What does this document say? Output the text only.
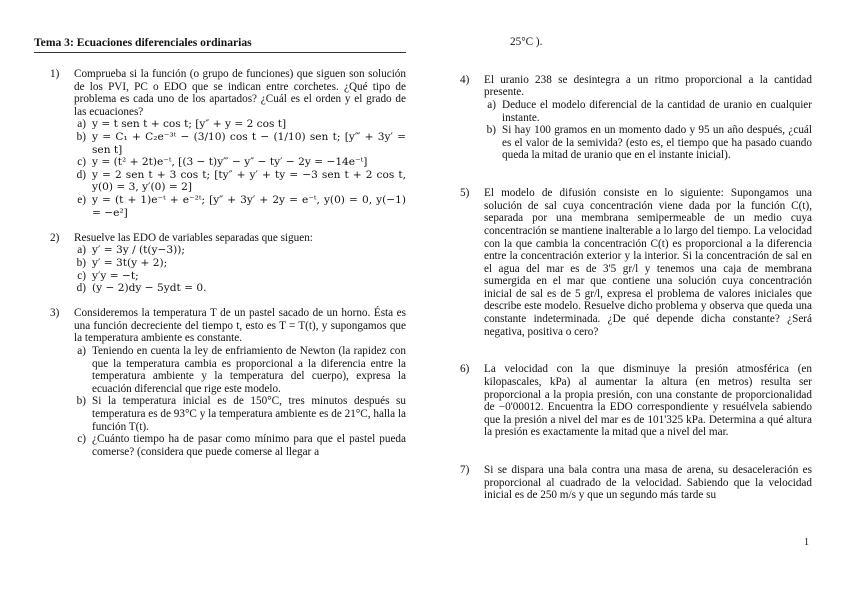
Tema 3: Ecuaciones diferenciales ordinarias
1)	Comprueba si la función (o grupo de funciones) que siguen son solución de los PVI, PC o EDO que se indican entre corchetes. ¿Qué tipo de problema es cada uno de los apartados? ¿Cuál es el orden y el grado de las ecuaciones?

a) y = t sen t + cos t; [y″ + y = 2 cos t]
b) y = C₁ + C₂e⁻³ᵗ − (3/10) cos t − (1/10) sen t; [y‴ + 3y′ = sen t]
c) y = (t² + 2t)e⁻ᵗ, [(3 − t)y‴ − y″ − ty′ − 2y = −14e⁻ᵗ]
d) y = 2 sen t + 3 cos t; [ty″ + y′ + ty = −3 sen t + 2 cos t, y(0) = 3, y′(0) = 2]
e) y = (t + 1)e⁻ᵗ + e⁻²ᵗ; [y″ + 3y′ + 2y = e⁻ᵗ, y(0) = 0, y(−1) = −e²]
2)	Resuelve las EDO de variables separadas que siguen:

a) y′ = 3y / (t(y−3));
b) y′ = 3t(y + 2);
c) y′y = −t;
d) (y − 2)dy − 5ydt = 0.
3)	Consideremos la temperatura T de un pastel sacado de un horno. Ésta es una función decreciente del tiempo t, esto es T = T(t), y supongamos que la temperatura ambiente es constante.

a) Teniendo en cuenta la ley de enfriamiento de Newton (la rapidez con que la temperatura cambia es proporcional a la diferencia entre la temperatura ambiente y la temperatura del cuerpo), expresa la ecuación diferencial que rige este modelo.
b) Si la temperatura inicial es de 150°C, tres minutos después su temperatura es de 93°C y la temperatura ambiente es de 21°C, halla la función T(t).
c) ¿Cuánto tiempo ha de pasar como mínimo para que el pastel pueda comerse? (considera que puede comerse al llegar a
25°C ).
4)	El uranio 238 se desintegra a un ritmo proporcional a la cantidad presente.

a) Deduce el modelo diferencial de la cantidad de uranio en cualquier instante.
b) Si hay 100 gramos en un momento dado y 95 un año después, ¿cuál es el valor de la semivida? (esto es, el tiempo que ha pasado cuando queda la mitad de uranio que en el instante inicial).
5)	El modelo de difusión consiste en lo siguiente: Supongamos una solución de sal cuya concentración viene dada por la función C(t), separada por una membrana semipermeable de un medio cuya concentración se mantiene inalterable a lo largo del tiempo. La velocidad con la que cambia la concentración C(t) es proporcional a la diferencia entre la concentración exterior y la interior. Si la concentración de sal en el agua del mar es de 3'5 gr/l y tenemos una caja de membrana sumergida en el mar que contiene una solución cuya concentración inicial de sal es de 5 gr/l, expresa el problema de valores iniciales que describe este modelo. Resuelve dicho problema y observa que queda una constante indeterminada. ¿De qué depende dicha constante? ¿Será negativa, positiva o cero?

6)	La velocidad con la que disminuye la presión atmosférica (en kilopascales, kPa) al aumentar la altura (en metros) resulta ser proporcional a la propia presión, con una constante de proporcionalidad de −0'00012. Encuentra la EDO correspondiente y resuélvela sabiendo que la presión a nivel del mar es de 101'325 kPa. Determina a qué altura la presión es exactamente la mitad que a nivel del mar.

7)	Si se dispara una bala contra una masa de arena, su desaceleración es proporcional al cuadrado de la velocidad. Sabiendo que la velocidad inicial es de 250 m/s y que un segundo más tarde su

1
